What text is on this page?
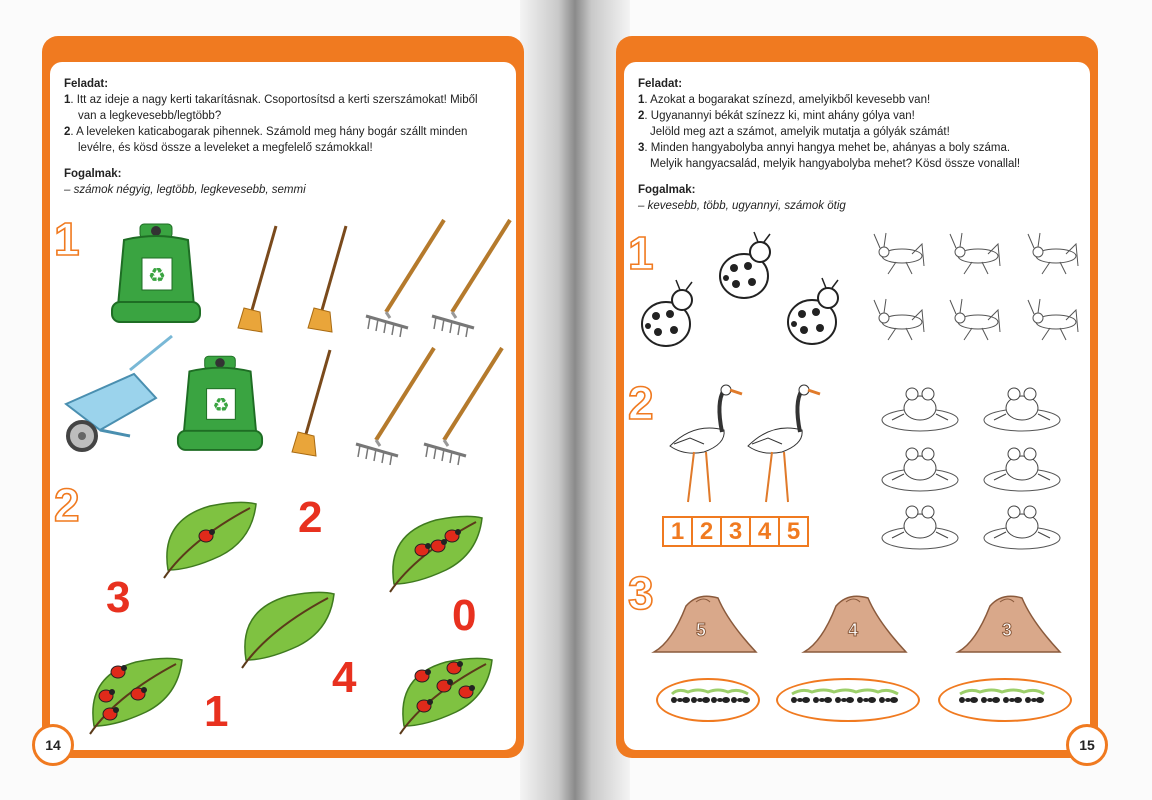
Feladat:
1. Itt az ideje a nagy kerti takarításnak. Csoportosítsd a kerti szerszámokat! Miből
van a legkevesebb/legtöbb?
2. A leveleken katicabogarak pihennek. Számold meg hány bogár szállt minden
levélre, és kösd össze a leveleket a megfelelő számokkal!
Fogalmak:
– számok négyig, legtöbb, legkevesebb, semmi
1
2
♻
♻
2
3	0
4
1
14
Feladat:
1. Azokat a bogarakat színezd, amelyikből kevesebb van!
2. Ugyanannyi békát színezz ki, mint ahány gólya van!
Jelöld meg azt a számot, amelyik mutatja a gólyák számát!
3. Minden hangyabolyba annyi hangya mehet be, ahányas a boly száma.
Melyik hangyacsalád, melyik hangyabolyba mehet? Kösd össze vonallal!
Fogalmak:
– kevesebb, több, ugyannyi, számok ötig
1
2
3
1 2 3 4 5
5	4	3
15
